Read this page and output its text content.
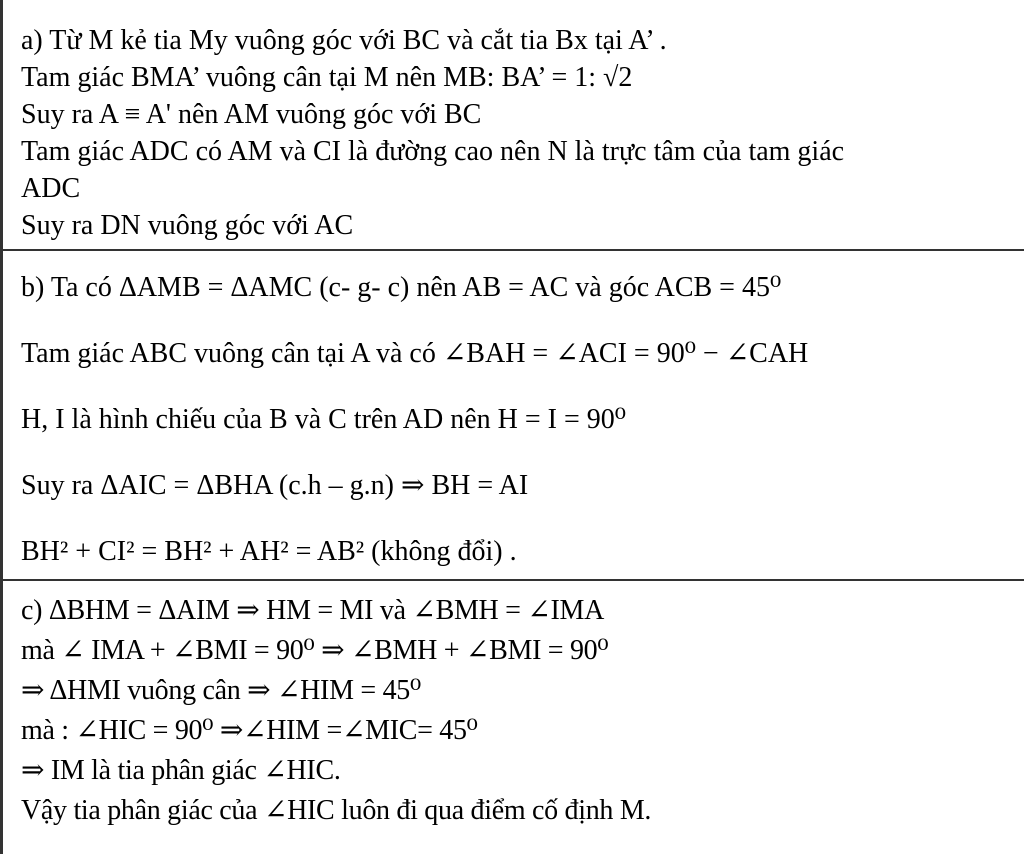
a) Từ M kẻ tia My vuông góc với BC và cắt tia Bx tại A’ .
Tam giác BMA’ vuông cân tại M nên MB: BA’ = 1: √2
Suy ra A ≡ A' nên AM vuông góc với BC
Tam giác ADC có AM và CI là đường cao nên N là trực tâm của tam giác
ADC
Suy ra DN vuông góc với AC
b) Ta có ΔAMB = ΔAMC (c- g- c) nên AB = AC và góc ACB = 45⁰
Tam giác ABC vuông cân tại A và có ∠BAH = ∠ACI = 90⁰ − ∠CAH
H, I là hình chiếu của B và C trên AD nên H = I = 90⁰
Suy ra ΔAIC = ΔBHA (c.h – g.n) ⇒ BH = AI
BH² + CI² = BH² + AH² = AB² (không đổi) .
c) ΔBHM = ΔAIM ⇒ HM = MI và ∠BMH = ∠IMA
mà ∠ IMA + ∠BMI = 90⁰ ⇒ ∠BMH + ∠BMI = 90⁰
⇒ ΔHMI vuông cân ⇒ ∠HIM = 45⁰
mà : ∠HIC = 90⁰ ⇒∠HIM =∠MIC= 45⁰
⇒ IM là tia phân giác ∠HIC.
Vậy tia phân giác của ∠HIC luôn đi qua điểm cố định M.
